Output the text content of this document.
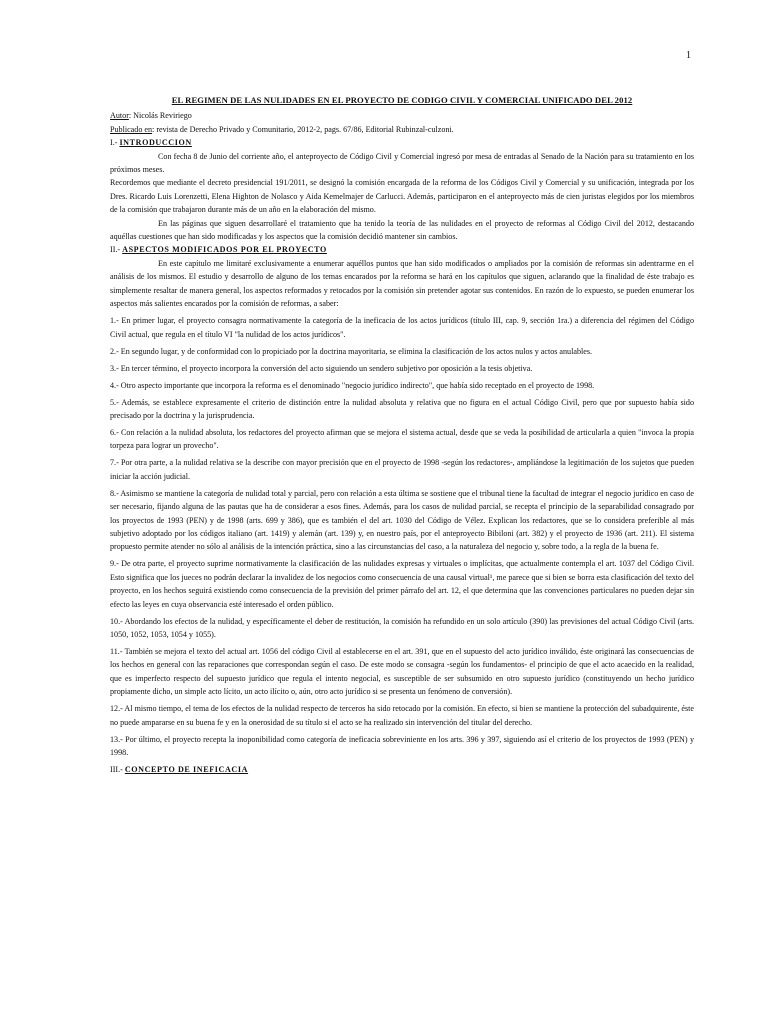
1
EL REGIMEN DE LAS NULIDADES EN EL PROYECTO DE CODIGO CIVIL Y COMERCIAL UNIFICADO DEL 2012
Autor: Nicolás Reviriego
Publicado en: revista de Derecho Privado y Comunitario, 2012-2, pags. 67/86, Editorial Rubinzal-culzoni.
I.- INTRODUCCION

Con fecha 8 de Junio del corriente año, el anteproyecto de Código Civil y Comercial ingresó por mesa de entradas al Senado de la Nación para su tratamiento en los próximos meses.

Recordemos que mediante el decreto presidencial 191/2011, se designó la comisión encargada de la reforma de los Códigos Civil y Comercial y su unificación, integrada por los Dres. Ricardo Luis Lorenzetti, Elena Highton de Nolasco y Aida Kemelmajer de Carlucci. Además, participaron en el anteproyecto más de cien juristas elegidos por los miembros de la comisión que trabajaron durante más de un año en la elaboración del mismo.

En las páginas que siguen desarrollaré el tratamiento que ha tenido la teoría de las nulidades en el proyecto de reformas al Código Civil del 2012, destacando aquéllas cuestiones que han sido modificadas y los aspectos que la comisión decidió mantener sin cambios.

II.- ASPECTOS MODIFICADOS POR EL PROYECTO

En este capítulo me limitaré exclusivamente a enumerar aquéllos puntos que han sido modificados o ampliados por la comisión de reformas sin adentrarme en el análisis de los mismos. El estudio y desarrollo de alguno de los temas encarados por la reforma se hará en los capítulos que siguen, aclarando que la finalidad de éste trabajo es simplemente resaltar de manera general, los aspectos reformados y retocados por la comisión sin pretender agotar sus contenidos. En razón de lo expuesto, se pueden enumerar los aspectos más salientes encarados por la comisión de reformas, a saber:

1.- En primer lugar, el proyecto consagra normativamente la categoría de la ineficacia de los actos jurídicos (título III, cap. 9, sección 1ra.) a diferencia del régimen del Código Civil actual, que regula en el título VI "la nulidad de los actos jurídicos".

2.- En segundo lugar, y de conformidad con lo propiciado por la doctrina mayoritaria, se elimina la clasificación de los actos nulos y actos anulables.

3.- En tercer término, el proyecto incorpora la conversión del acto siguiendo un sendero subjetivo por oposición a la tesis objetiva.

4.- Otro aspecto importante que incorpora la reforma es el denominado "negocio jurídico indirecto", que había sido receptado en el proyecto de 1998.

5.- Además, se establece expresamente el criterio de distinción entre la nulidad absoluta y relativa que no figura en el actual Código Civil, pero que por supuesto había sido precisado por la doctrina y la jurisprudencia.

6.- Con relación a la nulidad absoluta, los redactores del proyecto afirman que se mejora el sistema actual, desde que se veda la posibilidad de articularla a quien "invoca la propia torpeza para lograr un provecho".

7.- Por otra parte, a la nulidad relativa se la describe con mayor precisión que en el proyecto de 1998 -según los redactores-, ampliándose la legitimación de los sujetos que pueden iniciar la acción judicial.

8.- Asimismo se mantiene la categoría de nulidad total y parcial, pero con relación a esta última se sostiene que el tribunal tiene la facultad de integrar el negocio jurídico en caso de ser necesario, fijando alguna de las pautas que ha de considerar a esos fines. Además, para los casos de nulidad parcial, se recepta el principio de la separabilidad consagrado por los proyectos de 1993 (PEN) y de 1998 (arts. 699 y 386), que es también el del art. 1030 del Código de Vélez. Explican los redactores, que se lo considera preferible al más subjetivo adoptado por los códigos italiano (art. 1419) y alemán (art. 139) y, en nuestro país, por el anteproyecto Bibiloni (art. 382) y el proyecto de 1936 (art. 211). El sistema propuesto permite atender no sólo al análisis de la intención práctica, sino a las circunstancias del caso, a la naturaleza del negocio y, sobre todo, a la regla de la buena fe.

9.- De otra parte, el proyecto suprime normativamente la clasificación de las nulidades expresas y virtuales o implícitas, que actualmente contempla el art. 1037 del Código Civil. Esto significa que los jueces no podrán declarar la invalidez de los negocios como consecuencia de una causal virtual¹, me parece que si bien se borra esta clasificación del texto del proyecto, en los hechos seguirá existiendo como consecuencia de la previsión del primer párrafo del art. 12, el que determina que las convenciones particulares no pueden dejar sin efecto las leyes en cuya observancia esté interesado el orden público.

10.- Abordando los efectos de la nulidad, y específicamente el deber de restitución, la comisión ha refundido en un solo artículo (390) las previsiones del actual Código Civil (arts. 1050, 1052, 1053, 1054 y 1055).

11.- También se mejora el texto del actual art. 1056 del código Civil al establecerse en el art. 391, que en el supuesto del acto jurídico inválido, éste originará las consecuencias de los hechos en general con las reparaciones que correspondan según el caso. De este modo se consagra -según los fundamentos- el principio de que el acto acaecido en la realidad, que es imperfecto respecto del supuesto jurídico que regula el intento negocial, es susceptible de ser subsumido en otro supuesto jurídico (constituyendo un hecho jurídico propiamente dicho, un simple acto lícito, un acto ilícito o, aún, otro acto jurídico si se presenta un fenómeno de conversión).

12.- Al mismo tiempo, el tema de los efectos de la nulidad respecto de terceros ha sido retocado por la comisión. En efecto, si bien se mantiene la protección del subadquirente, éste no puede ampararse en su buena fe y en la onerosidad de su título si el acto se ha realizado sin intervención del titular del derecho.

13.- Por último, el proyecto recepta la inoponibilidad como categoría de ineficacia sobreviniente en los arts. 396 y 397, siguiendo así el criterio de los proyectos de 1993 (PEN) y 1998.

III.- CONCEPTO DE INEFICACIA
